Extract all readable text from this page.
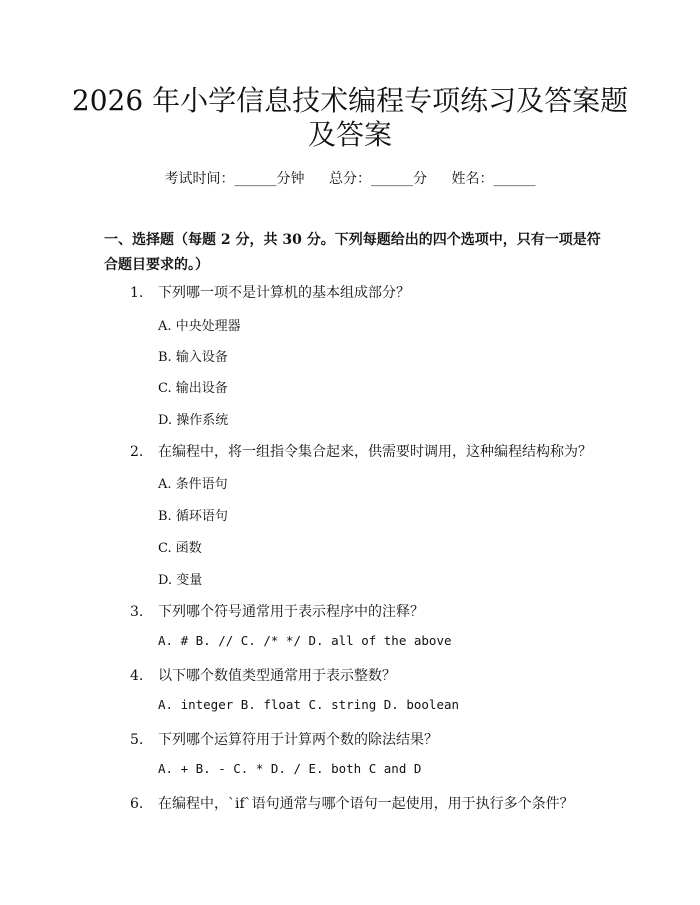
2026 年小学信息技术编程专项练习及答案题
及答案
考试时间：______分钟 总分：______分 姓名：______
一、选择题（每题 2 分，共 30 分。下列每题给出的四个选项中，只有一项是符合题目要求的。）
1. 下列哪一项不是计算机的基本组成部分？
A. 中央处理器
B. 输入设备
C. 输出设备
D. 操作系统
2. 在编程中，将一组指令集合起来，供需要时调用，这种编程结构称为？
A. 条件语句
B. 循环语句
C. 函数
D. 变量
3. 下列哪个符号通常用于表示程序中的注释？
A. # B. // C. /* */ D. all of the above
4. 以下哪个数值类型通常用于表示整数？
A. integer B. float C. string D. boolean
5. 下列哪个运算符用于计算两个数的除法结果？
A. + B. - C. * D. / E. both C and D
6. 在编程中，`if`语句通常与哪个语句一起使用，用于执行多个条件？
